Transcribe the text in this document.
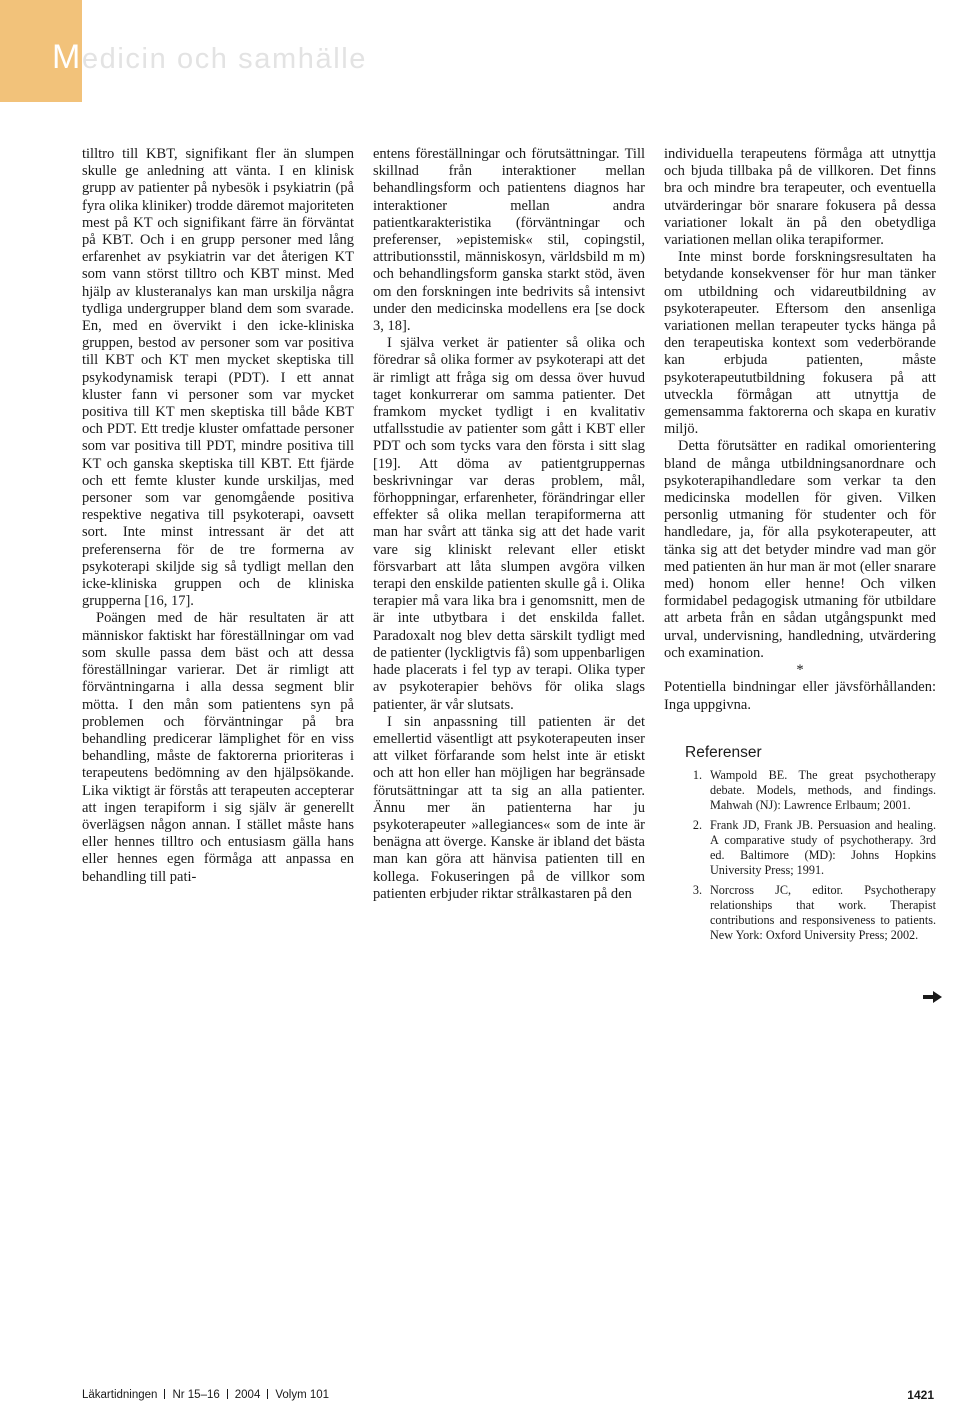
Medicin och samhälle

tilltro till KBT, signifikant fler än slumpen skulle ge anledning att vänta. I en klinisk grupp av patienter på nybesök i psykiatrin (på fyra olika kliniker) trodde däremot majoriteten mest på KT och signifikant färre än förväntat på KBT. Och i en grupp personer med lång erfarenhet av psykiatrin var det återigen KT som vann störst tilltro och KBT minst. Med hjälp av klusteranalys kan man urskilja några tydliga undergrupper bland dem som svarade. En, med en övervikt i den icke-kliniska gruppen, bestod av personer som var positiva till KBT och KT men mycket skeptiska till psykodynamisk terapi (PDT). I ett annat kluster fann vi personer som var mycket positiva till KT men skeptiska till både KBT och PDT. Ett tredje kluster omfattade personer som var positiva till PDT, mindre positiva till KT och ganska skeptiska till KBT. Ett fjärde och ett femte kluster kunde urskiljas, med personer som var genomgående positiva respektive negativa till psykoterapi, oavsett sort. Inte minst intressant är det att preferenserna för de tre formerna av psykoterapi skiljde sig så tydligt mellan den icke-kliniska gruppen och de kliniska grupperna [16, 17].

Poängen med de här resultaten är att människor faktiskt har föreställningar om vad som skulle passa dem bäst och att dessa föreställningar varierar. Det är rimligt att förväntningarna i alla dessa segment blir mötta. I den mån som patientens syn på problemen och förväntningar på bra behandling predicerar lämplighet för en viss behandling, måste de faktorerna prioriteras i terapeutens bedömning av den hjälpsökande. Lika viktigt är förstås att terapeuten accepterar att ingen terapiform i sig själv är generellt överlägsen någon annan. I stället måste hans eller hennes tilltro och entusiasm gälla hans eller hennes egen förmåga att anpassa en behandling till pati-

entens föreställningar och förutsättningar. Till skillnad från interaktioner mellan behandlingsform och patientens diagnos har interaktioner mellan andra patientkarakteristika (förväntningar och preferenser, »epistemisk« stil, copingstil, attributionsstil, människosyn, världsbild m m) och behandlingsform ganska starkt stöd, även om den forskningen inte bedrivits så intensivt under den medicinska modellens era [se dock 3, 18].

I själva verket är patienter så olika och föredrar så olika former av psykoterapi att det är rimligt att fråga sig om dessa över huvud taget konkurrerar om samma patienter. Det framkom mycket tydligt i en kvalitativ utfallsstudie av patienter som gått i KBT eller PDT och som tycks vara den första i sitt slag [19]. Att döma av patientgruppernas beskrivningar var deras problem, mål, förhoppningar, erfarenheter, förändringar eller effekter så olika mellan terapiformerna att man har svårt att tänka sig att det hade varit vare sig kliniskt relevant eller etiskt försvarbart att låta slumpen avgöra vilken terapi den enskilde patienten skulle gå i. Olika terapier må vara lika bra i genomsnitt, men de är inte utbytbara i det enskilda fallet. Paradoxalt nog blev detta särskilt tydligt med de patienter (lyckligtvis få) som uppenbarligen hade placerats i fel typ av terapi. Olika typer av psykoterapier behövs för olika slags patienter, är vår slutsats.

I sin anpassning till patienten är det emellertid väsentligt att psykoterapeuten inser att vilket förfarande som helst inte är etiskt och att hon eller han möjligen har begränsade förutsättningar att ta sig an alla patienter. Ännu mer än patienterna har ju psykoterapeuter »allegiances« som de inte är benägna att överge. Kanske är ibland det bästa man kan göra att hänvisa patienten till en kollega. Fokuseringen på de villkor som patienten erbjuder riktar strålkastaren på den

individuella terapeutens förmåga att utnyttja och bjuda tillbaka på de villkoren. Det finns bra och mindre bra terapeuter, och eventuella utvärderingar bör snarare fokusera på dessa variationer lokalt än på den obetydliga variationen mellan olika terapiformer.

Inte minst borde forskningsresultaten ha betydande konsekvenser för hur man tänker om utbildning och vidareutbildning av psykoterapeuter. Eftersom den ansenliga variationen mellan terapeuter tycks hänga på den terapeutiska kontext som vederbörande kan erbjuda patienten, måste psykoterapeututbildning fokusera på att utveckla förmågan att utnyttja de gemensamma faktorerna och skapa en kurativ miljö.

Detta förutsätter en radikal omorientering bland de många utbildningsanordnare och psykoterapihandledare som verkar ta den medicinska modellen för given. Vilken personlig utmaning för studenter och för handledare, ja, för alla psykoterapeuter, att tänka sig att det betyder mindre vad man gör med patienten än hur man är mot (eller snarare med) honom eller henne! Och vilken formidabel pedagogisk utmaning för utbildare att arbeta från en sådan utgångspunkt med urval, undervisning, handledning, utvärdering och examination.

*

Potentiella bindningar eller jävsförhållanden: Inga uppgivna.

Referenser
1. Wampold BE. The great psychotherapy debate. Models, methods, and findings. Mahwah (NJ): Lawrence Erlbaum; 2001.
2. Frank JD, Frank JB. Persuasion and healing. A comparative study of psychotherapy. 3rd ed. Baltimore (MD): Johns Hopkins University Press; 1991.
3. Norcross JC, editor. Psychotherapy relationships that work. Therapist contributions and responsiveness to patients. New York: Oxford University Press; 2002.
Läkartidningen Nr 15–16 2004 Volym 101	1421
